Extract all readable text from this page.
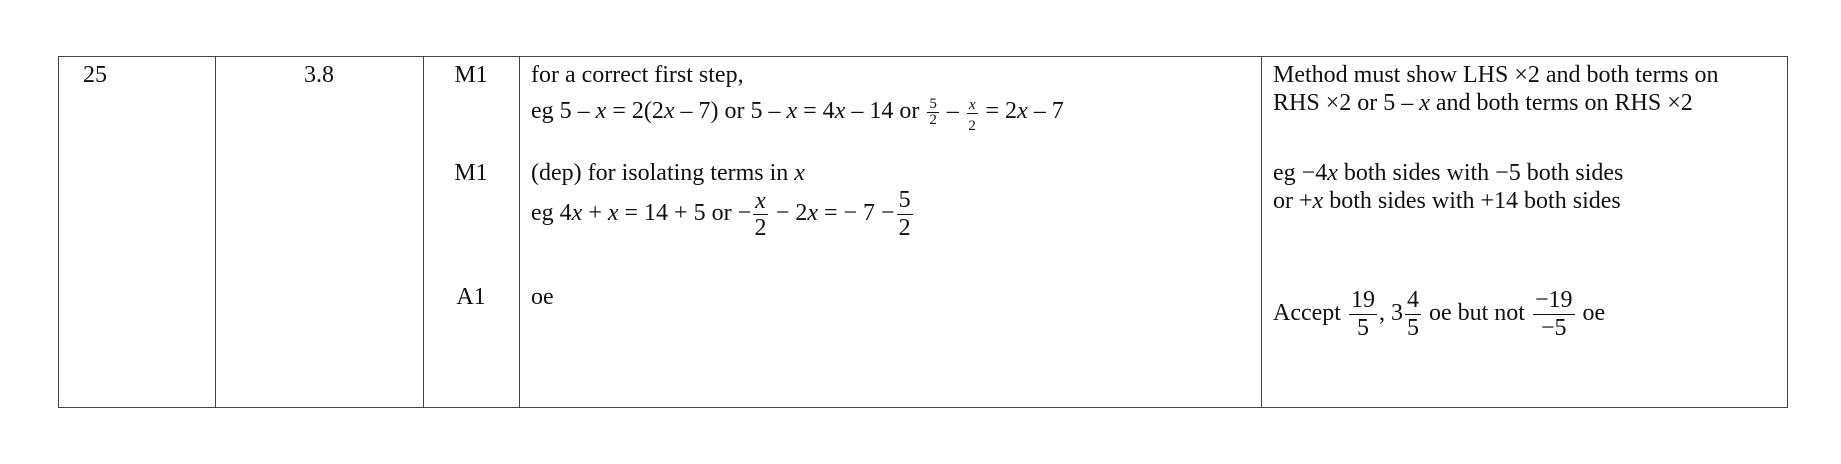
25	3.8	M1
M1
A1
for a correct first step,
eg 5 – x = 2(2x – 7) or 5 – x = 4x – 14 or $\frac{5}{2} - \frac{x}{2} = 2x - 7$
(dep) for isolating terms in x
eg 4x + x = 14 + 5 or $-\frac{x}{2} - 2x$ = − $7 - \frac{5}{2}$
oe
Method must show LHS ×2 and both terms on
RHS ×2 or 5 – x and both terms on RHS ×2
eg −4x both sides with −5 both sides
or +x both sides with +14 both sides
Accept $\frac{19}{5}$ , $3 \frac{4}{5}$ oe but not $\frac{-19}{-5}$ oe
